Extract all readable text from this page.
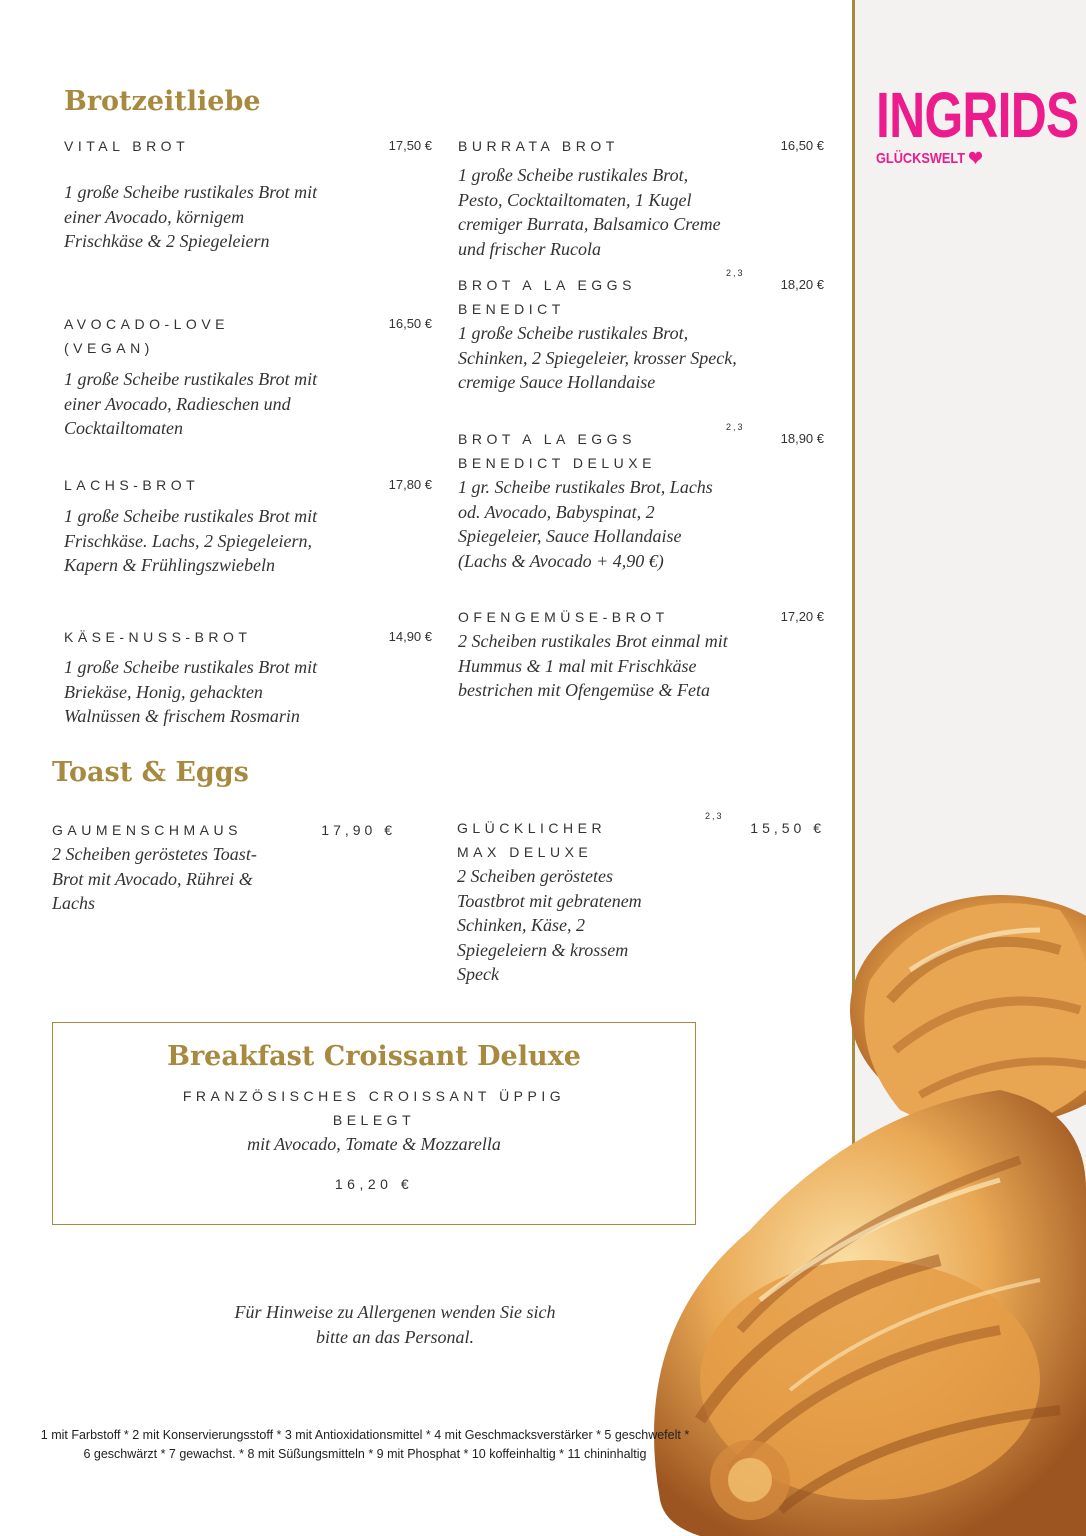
INGRIDS
GLÜCKSWELT ❤
Brotzeitliebe
VITAL BROT	17,50 €
1 große Scheibe rustikales Brot mit einer Avocado, körnigem Frischkäse & 2 Spiegeleiern
AVOCADO-LOVE (VEGAN)
16,50 €
1 große Scheibe rustikales Brot mit einer Avocado, Radieschen und Cocktailtomaten
LACHS-BROT	17,80 €
1 große Scheibe rustikales Brot mit Frischkäse. Lachs, 2 Spiegeleiern, Kapern & Frühlingszwiebeln
KÄSE-NUSS-BROT	14,90 €
1 große Scheibe rustikales Brot mit Briekäse, Honig, gehackten Walnüssen & frischem Rosmarin
BURRATA BROT	16,50 €
1 große Scheibe rustikales Brot, Pesto, Cocktailtomaten, 1 Kugel cremiger Burrata, Balsamico Creme und frischer Rucola
BROT A LA EGGS BENEDICT
2,3
18,20 €
1 große Scheibe rustikales Brot, Schinken, 2 Spiegeleier, krosser Speck, cremige Sauce Hollandaise
BROT A LA EGGS BENEDICT DELUXE
2,3
18,90 €
1 gr. Scheibe rustikales Brot, Lachs od. Avocado, Babyspinat, 2 Spiegeleier, Sauce Hollandaise (Lachs & Avocado + 4,90 €)
OFENGEMÜSE-BROT	17,20 €
2 Scheiben rustikales Brot einmal mit Hummus & 1 mal mit Frischkäse bestrichen mit Ofengemüse & Feta
Toast & Eggs
GAUMENSCHMAUS	17,90 €
2 Scheiben geröstetes Toast-Brot mit Avocado, Rührei & Lachs
GLÜCKLICHER MAX DELUXE
2,3
15,50 €
2 Scheiben geröstetes Toastbrot mit gebratenem Schinken, Käse, 2 Spiegeleiern & krossem Speck
Breakfast Croissant Deluxe
FRANZÖSISCHES CROISSANT ÜPPIG BELEGT
mit Avocado, Tomate & Mozzarella
16,20 €
Für Hinweise zu Allergenen wenden Sie sich bitte an das Personal.
1 mit Farbstoff * 2 mit Konservierungsstoff * 3 mit Antioxidationsmittel * 4 mit Geschmacksverstärker * 5 geschwefelt * 6 geschwärzt * 7 gewachst. * 8 mit Süßungsmitteln * 9 mit Phosphat * 10 koffeinhaltig * 11 chininhaltig
